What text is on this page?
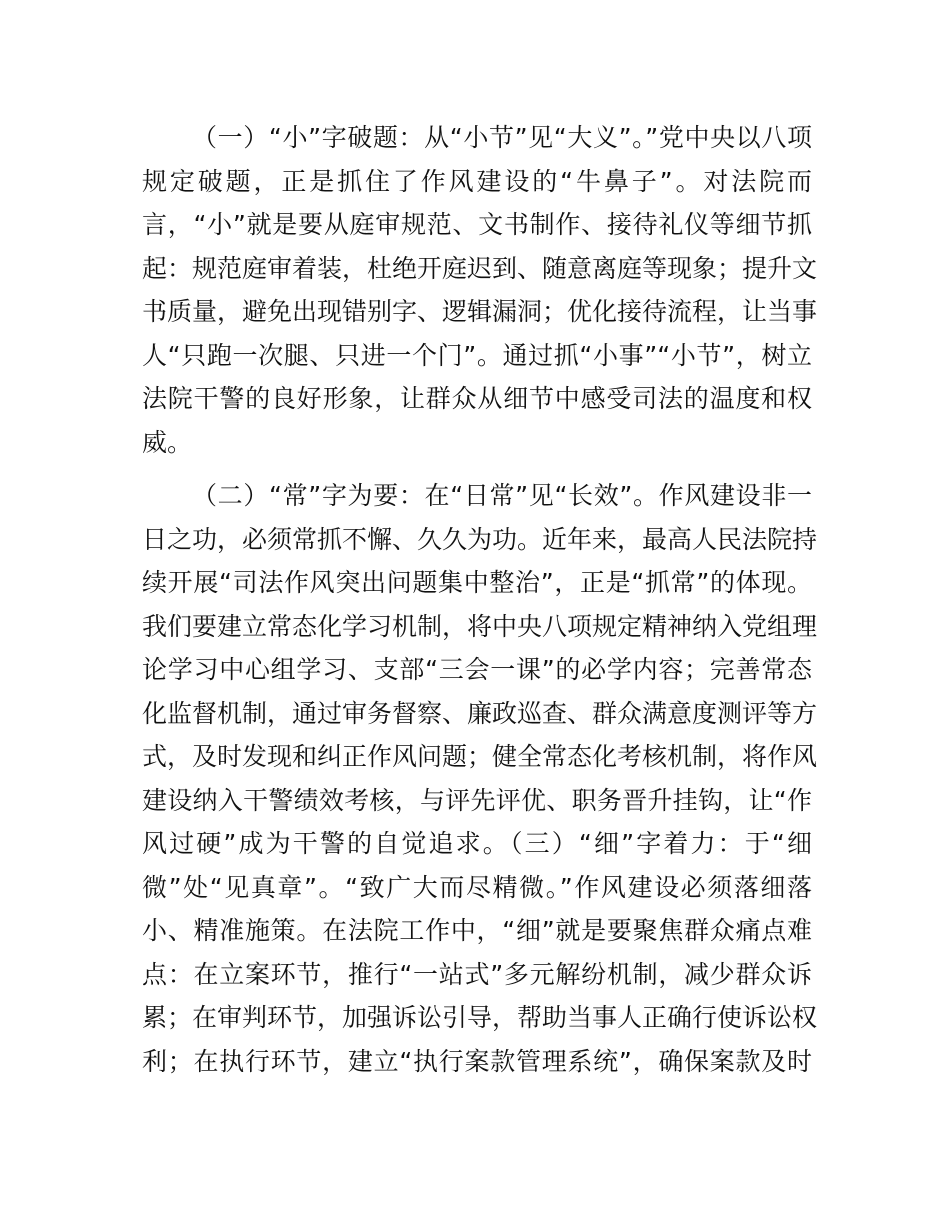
（一）“小”字破题：从“小节”见“大义”。”党中央以八项
规定破题，正是抓住了作风建设的“牛鼻子”。对法院而
言，“小”就是要从庭审规范、文书制作、接待礼仪等细节抓
起：规范庭审着装，杜绝开庭迟到、随意离庭等现象；提升文
书质量，避免出现错别字、逻辑漏洞；优化接待流程，让当事
人“只跑一次腿、只进一个门”。通过抓“小事”“小节”，树立
法院干警的良好形象，让群众从细节中感受司法的温度和权
威。
（二）“常”字为要：在“日常”见“长效”。作风建设非一
日之功，必须常抓不懈、久久为功。近年来，最高人民法院持
续开展“司法作风突出问题集中整治”，正是“抓常”的体现。
我们要建立常态化学习机制，将中央八项规定精神纳入党组理
论学习中心组学习、支部“三会一课”的必学内容；完善常态
化监督机制，通过审务督察、廉政巡查、群众满意度测评等方
式，及时发现和纠正作风问题；健全常态化考核机制，将作风
建设纳入干警绩效考核，与评先评优、职务晋升挂钩，让“作
风过硬”成为干警的自觉追求。（三）“细”字着力：于“细
微”处“见真章”。“致广大而尽精微。”作风建设必须落细落
小、精准施策。在法院工作中，“细”就是要聚焦群众痛点难
点：在立案环节，推行“一站式”多元解纷机制，减少群众诉
累；在审判环节，加强诉讼引导，帮助当事人正确行使诉讼权
利；在执行环节，建立“执行案款管理系统”，确保案款及时
